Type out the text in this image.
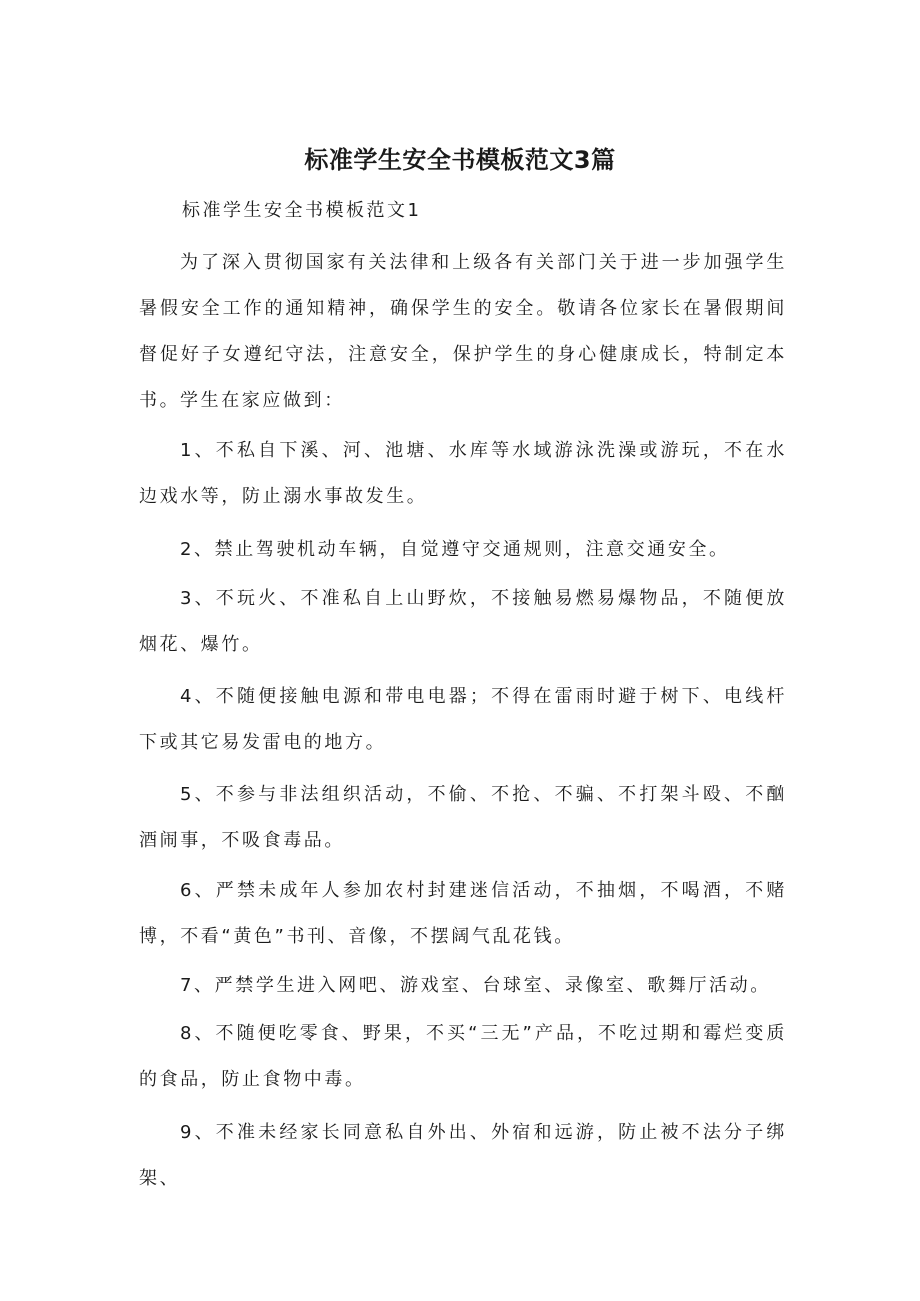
标准学生安全书模板范文3篇
标准学生安全书模板范文1

为了深入贯彻国家有关法律和上级各有关部门关于进一步加强学生暑假安全工作的通知精神，确保学生的安全。敬请各位家长在暑假期间督促好子女遵纪守法，注意安全，保护学生的身心健康成长，特制定本书。 学生在家应做到：

1、不私自下溪、河、池塘、水库等水域游泳洗澡或游玩，不在水边戏水等，防止溺水事故发生。

2、禁止驾驶机动车辆，自觉遵守交通规则，注意交通安全。

3、不玩火、不准私自上山野炊，不接触易燃易爆物品，不随便放烟花、爆竹。

4、不随便接触电源和带电电器；不得在雷雨时避于树下、电线杆下或其它易发雷电的地方。

5、不参与非法组织活动，不偷、不抢、不骗、不打架斗殴、不酗酒闹事，不吸食毒品。

6、严禁未成年人参加农村封建迷信活动，不抽烟，不喝酒，不赌博，不看“黄色”书刊、音像，不摆阔气乱花钱。

7、严禁学生进入网吧、游戏室、台球室、录像室、歌舞厅活动。

8、不随便吃零食、野果，不买“三无”产品，不吃过期和霉烂变质的食品，防止食物中毒。

9、不准未经家长同意私自外出、外宿和远游，防止被不法分子绑架、
